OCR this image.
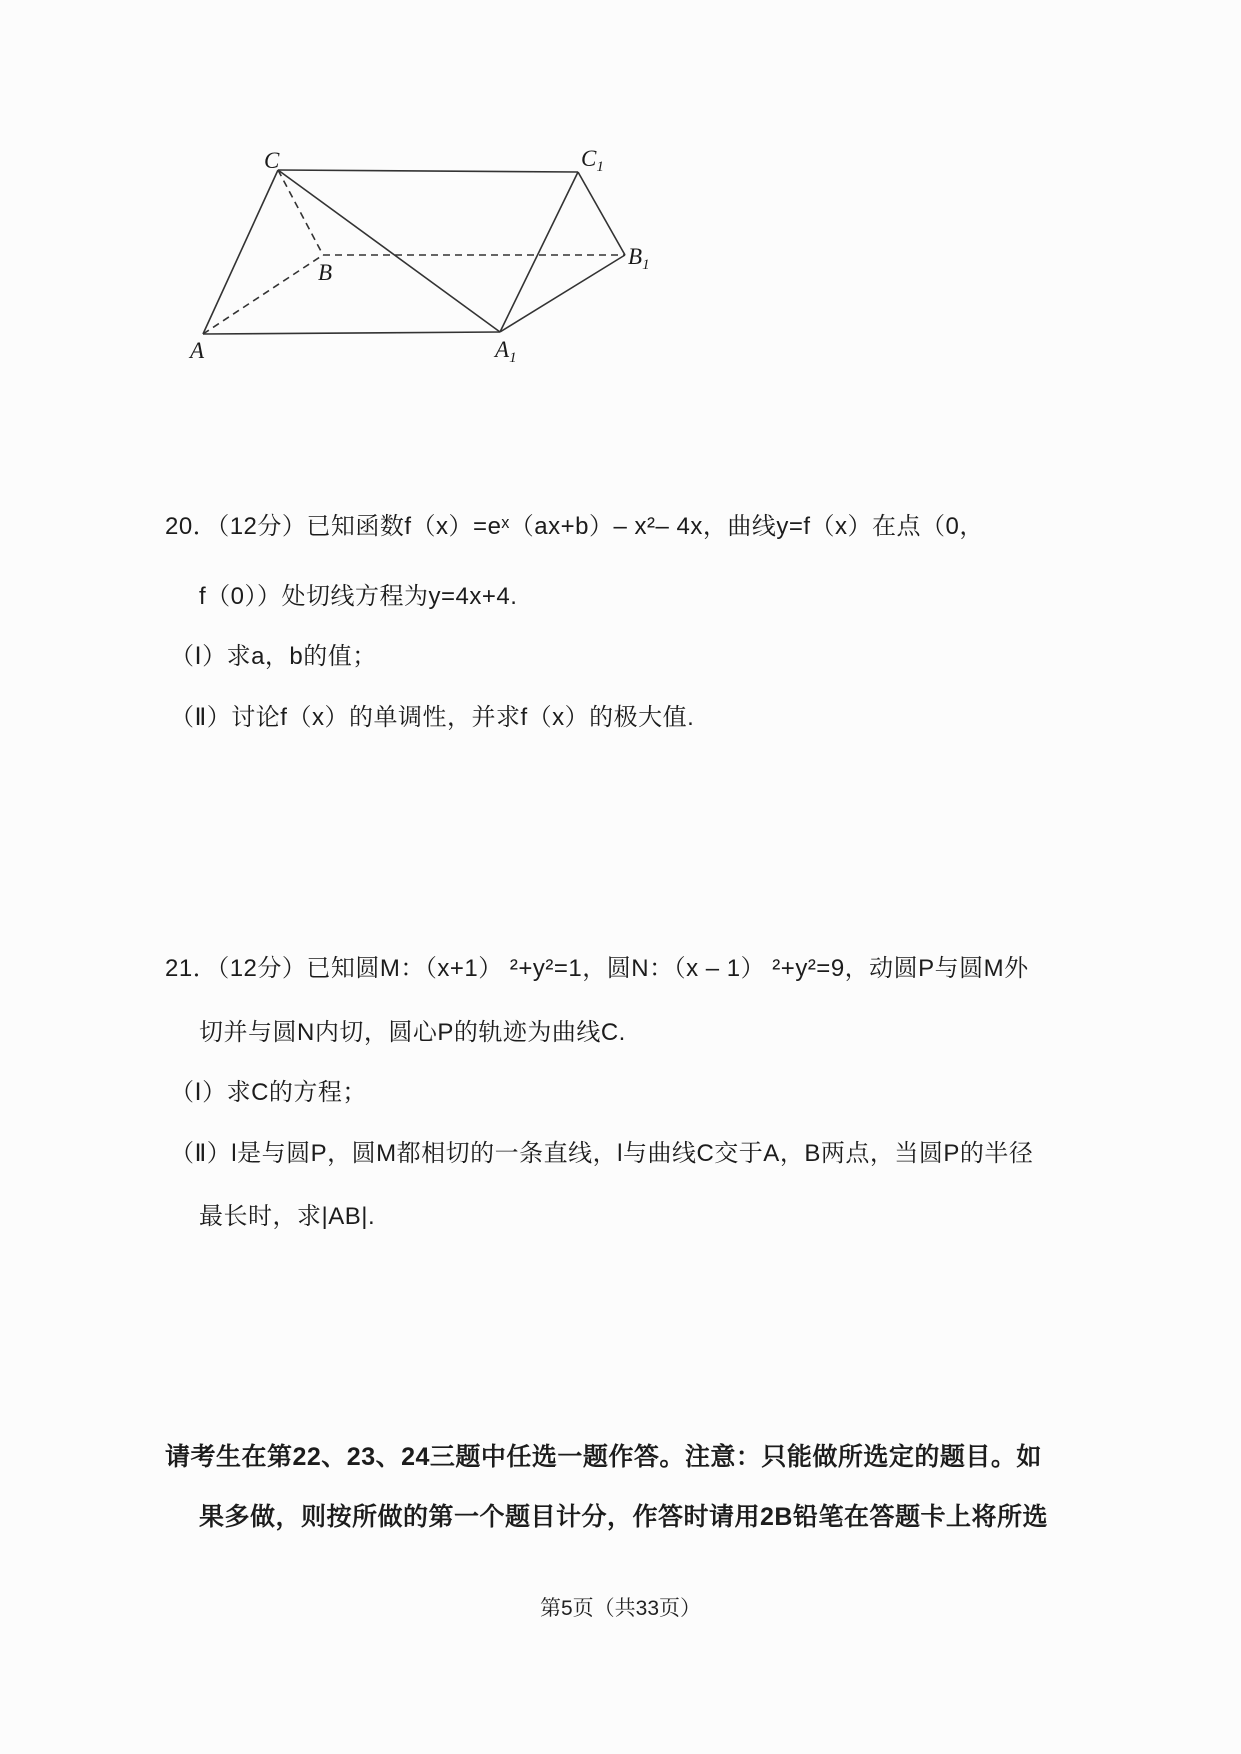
A	$A_1$
B
$B_1$
C	$C_1$
20．（12分）已知函数f（x）=eˣ（ax+b）– x²– 4x，曲线y=f（x）在点（0，
f（0））处切线方程为y=4x+4.
（Ⅰ）求a，b的值；
（Ⅱ）讨论f（x）的单调性，并求f（x）的极大值.
21．（12分）已知圆M：（x+1） ²+y²=1，圆N：（x – 1） ²+y²=9，动圆P与圆M外
切并与圆N内切，圆心P的轨迹为曲线C.
（Ⅰ）求C的方程；
（Ⅱ）l是与圆P，圆M都相切的一条直线，l与曲线C交于A，B两点，当圆P的半径
最长时，求|AB|.
请考生在第22、23、24三题中任选一题作答。注意：只能做所选定的题目。如
果多做，则按所做的第一个题目计分，作答时请用2B铅笔在答题卡上将所选
第5页（共33页）
